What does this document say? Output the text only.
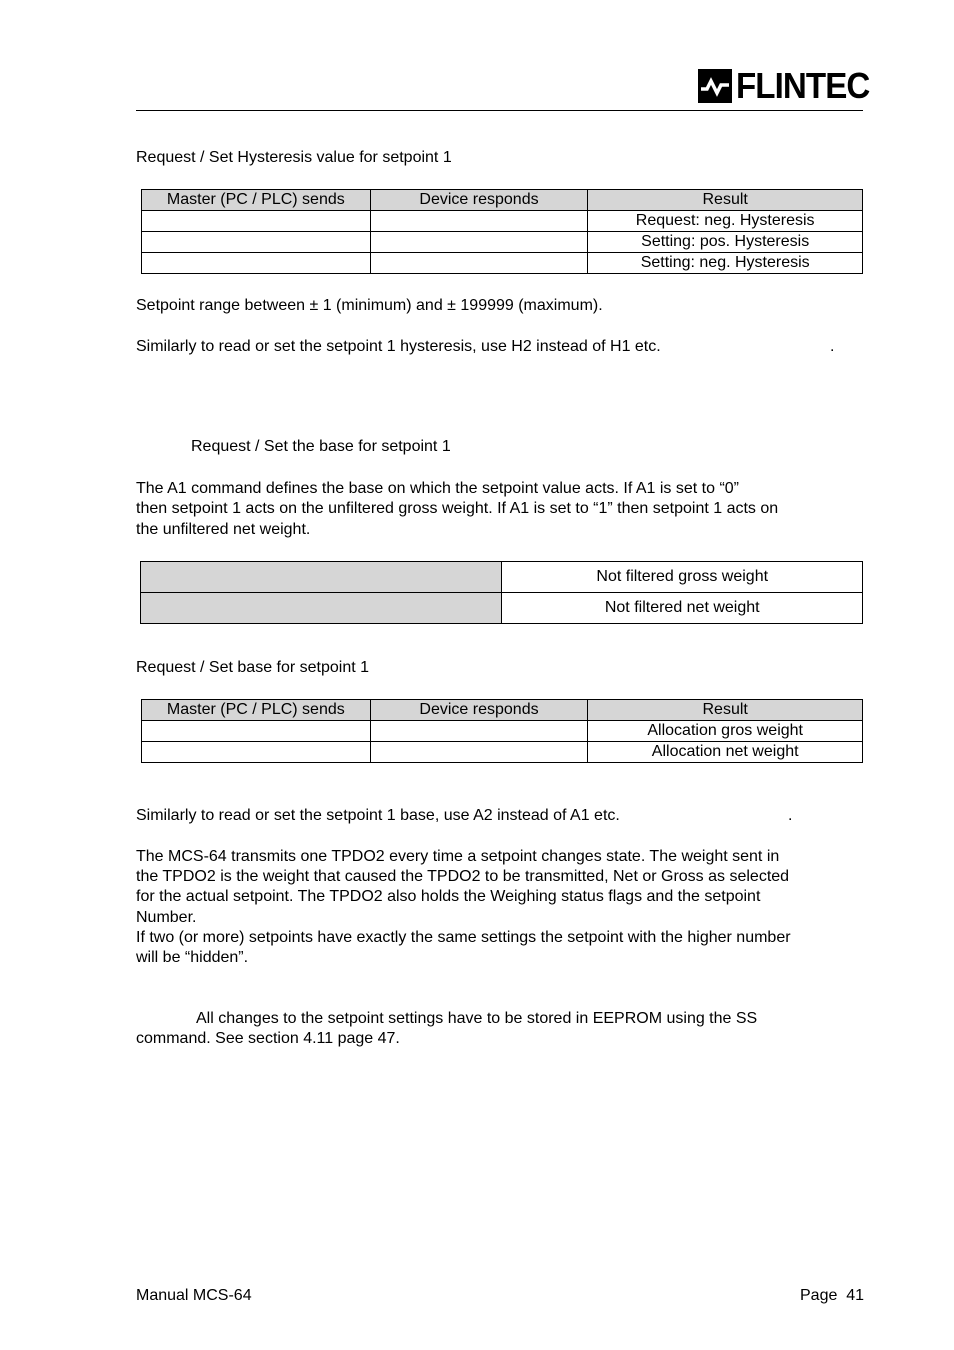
FLINTEC
Request / Set Hysteresis value for setpoint 1
Master (PC / PLC) sends	Device responds	Result
		Request: neg. Hysteresis
		Setting: pos. Hysteresis
		Setting: neg. Hysteresis
Setpoint range between ± 1 (minimum) and ± 199999 (maximum).
Similarly to read or set the setpoint 1 hysteresis, use H2 instead of H1 etc.	.
Request / Set the base for setpoint 1
The A1 command defines the base on which the setpoint value acts. If A1 is set to “0”
then setpoint 1 acts on the unfiltered gross weight. If A1 is set to “1” then setpoint 1 acts on
the unfiltered net weight.
	Not filtered gross weight
	Not filtered net weight
Request / Set base for setpoint 1
Master (PC / PLC) sends	Device responds	Result
		Allocation gros weight
		Allocation net weight
Similarly to read or set the setpoint 1 base, use A2 instead of A1 etc.	.
The MCS-64 transmits one TPDO2 every time a setpoint changes state. The weight sent in
the TPDO2 is the weight that caused the TPDO2 to be transmitted, Net or Gross as selected
for the actual setpoint. The TPDO2 also holds the Weighing status flags and the setpoint
Number.
If two (or more) setpoints have exactly the same settings the setpoint with the higher number
will be “hidden”.
All changes to the setpoint settings have to be stored in EEPROM using the SS
command. See section 4.11 page 47.
Manual MCS-64	Page  41
